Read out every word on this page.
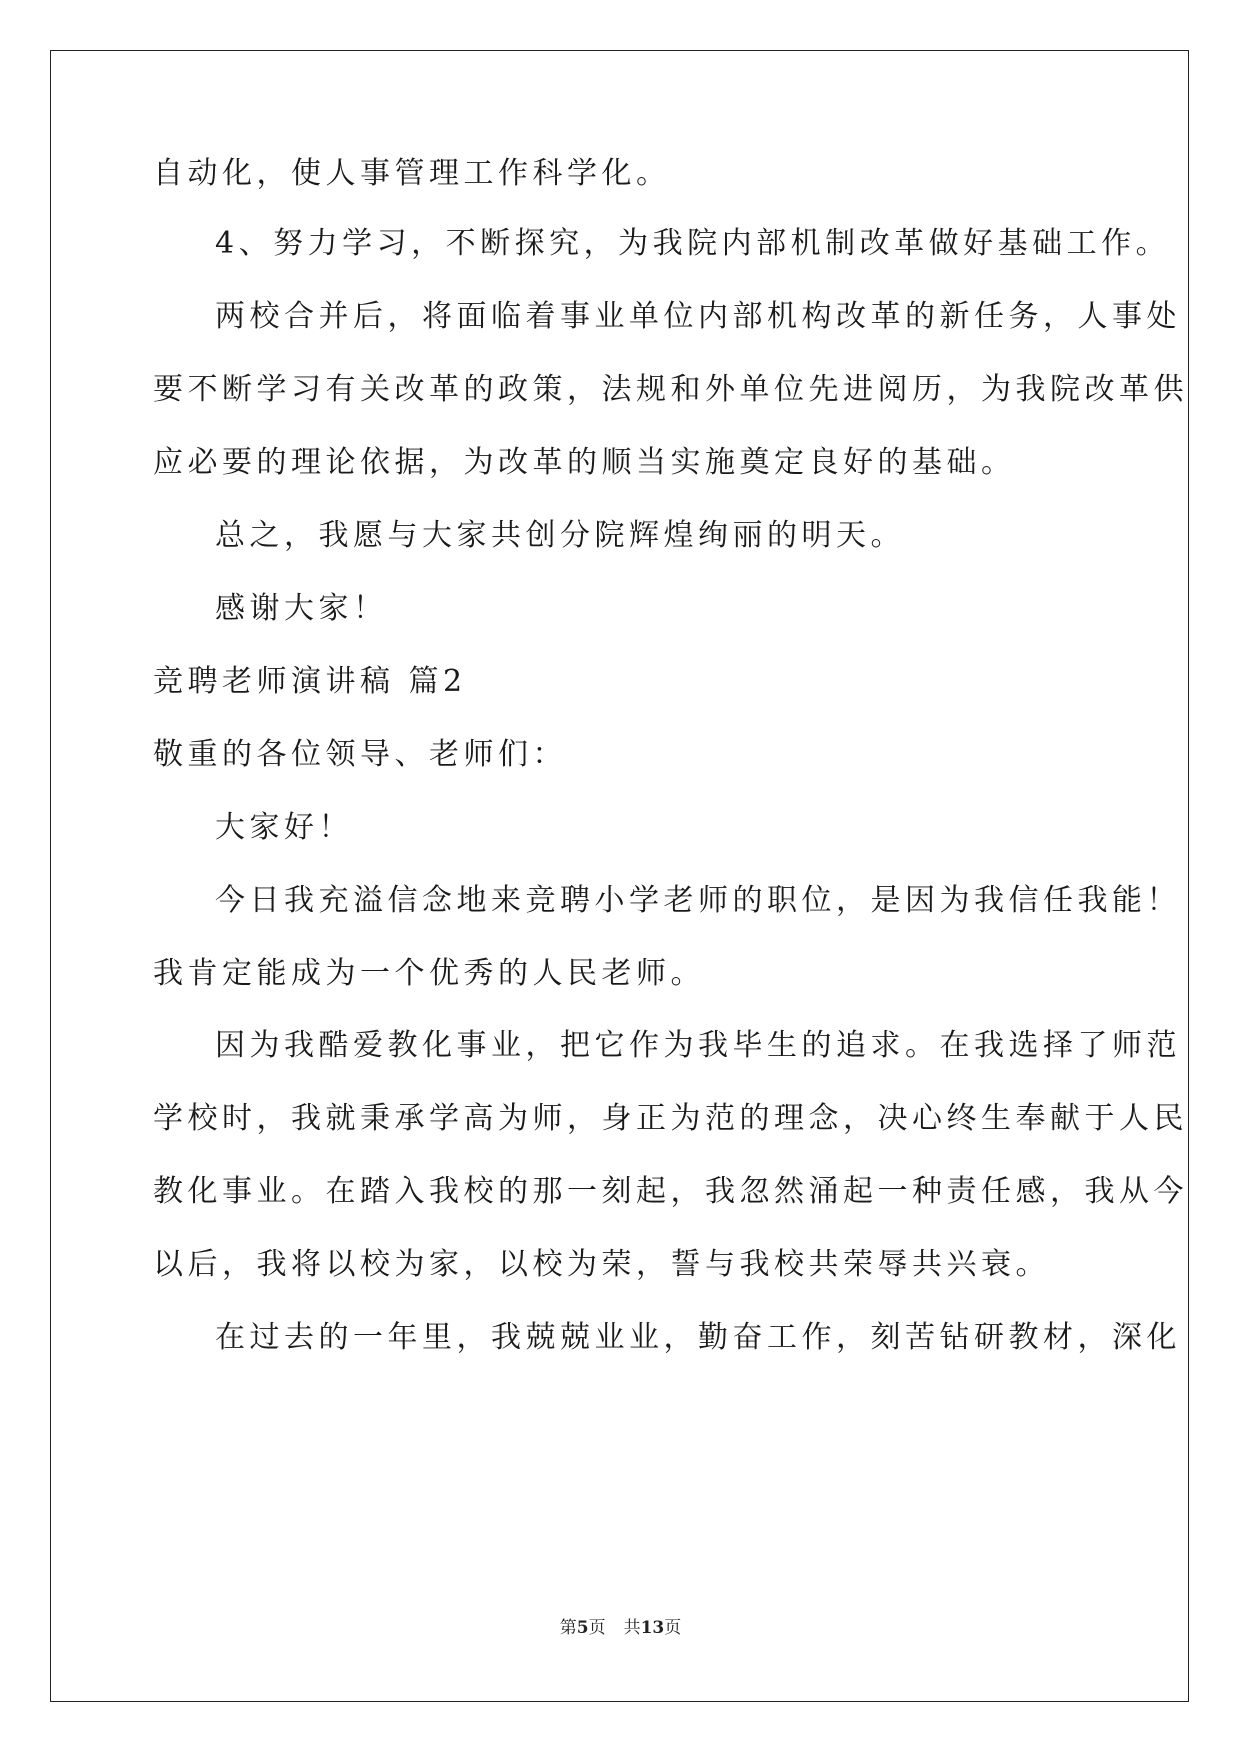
自动化，使人事管理工作科学化。
4、努力学习，不断探究，为我院内部机制改革做好基础工作。
两校合并后，将面临着事业单位内部机构改革的新任务，人事处
要不断学习有关改革的政策，法规和外单位先进阅历，为我院改革供
应必要的理论依据，为改革的顺当实施奠定良好的基础。
总之，我愿与大家共创分院辉煌绚丽的明天。
感谢大家！
竞聘老师演讲稿 篇2
敬重的各位领导、老师们：
大家好！
今日我充溢信念地来竞聘小学老师的职位，是因为我信任我能！
我肯定能成为一个优秀的人民老师。
因为我酷爱教化事业，把它作为我毕生的追求。在我选择了师范
学校时，我就秉承学高为师，身正为范的理念，决心终生奉献于人民
教化事业。在踏入我校的那一刻起，我忽然涌起一种责任感，我从今
以后，我将以校为家，以校为荣，誓与我校共荣辱共兴衰。
在过去的一年里，我兢兢业业，勤奋工作，刻苦钻研教材，深化
第5页 共13页
